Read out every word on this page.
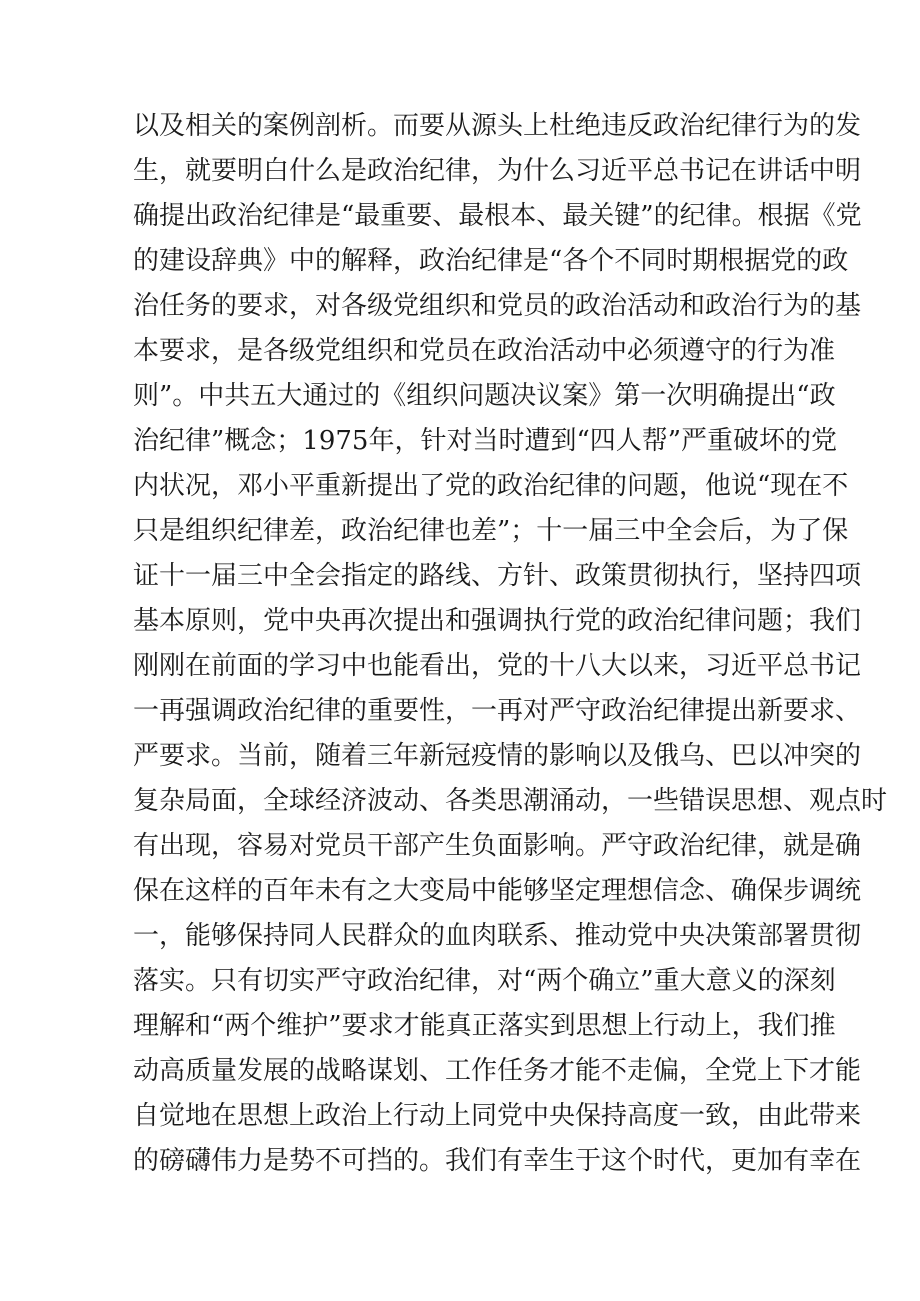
以及相关的案例剖析。而要从源头上杜绝违反政治纪律行为的发
生，就要明白什么是政治纪律，为什么习近平总书记在讲话中明
确提出政治纪律是“最重要、最根本、最关键”的纪律。根据《党
的建设辞典》中的解释，政治纪律是“各个不同时期根据党的政
治任务的要求，对各级党组织和党员的政治活动和政治行为的基
本要求，是各级党组织和党员在政治活动中必须遵守的行为准
则”。中共五大通过的《组织问题决议案》第一次明确提出“政
治纪律”概念；1975年，针对当时遭到“四人帮”严重破坏的党
内状况，邓小平重新提出了党的政治纪律的问题，他说“现在不
只是组织纪律差，政治纪律也差”；十一届三中全会后，为了保
证十一届三中全会指定的路线、方针、政策贯彻执行，坚持四项
基本原则，党中央再次提出和强调执行党的政治纪律问题；我们
刚刚在前面的学习中也能看出，党的十八大以来，习近平总书记
一再强调政治纪律的重要性，一再对严守政治纪律提出新要求、
严要求。当前，随着三年新冠疫情的影响以及俄乌、巴以冲突的
复杂局面，全球经济波动、各类思潮涌动，一些错误思想、观点时
有出现，容易对党员干部产生负面影响。严守政治纪律，就是确
保在这样的百年未有之大变局中能够坚定理想信念、确保步调统
一，能够保持同人民群众的血肉联系、推动党中央决策部署贯彻
落实。只有切实严守政治纪律，对“两个确立”重大意义的深刻
理解和“两个维护”要求才能真正落实到思想上行动上，我们推
动高质量发展的战略谋划、工作任务才能不走偏，全党上下才能
自觉地在思想上政治上行动上同党中央保持高度一致，由此带来
的磅礴伟力是势不可挡的。我们有幸生于这个时代，更加有幸在
